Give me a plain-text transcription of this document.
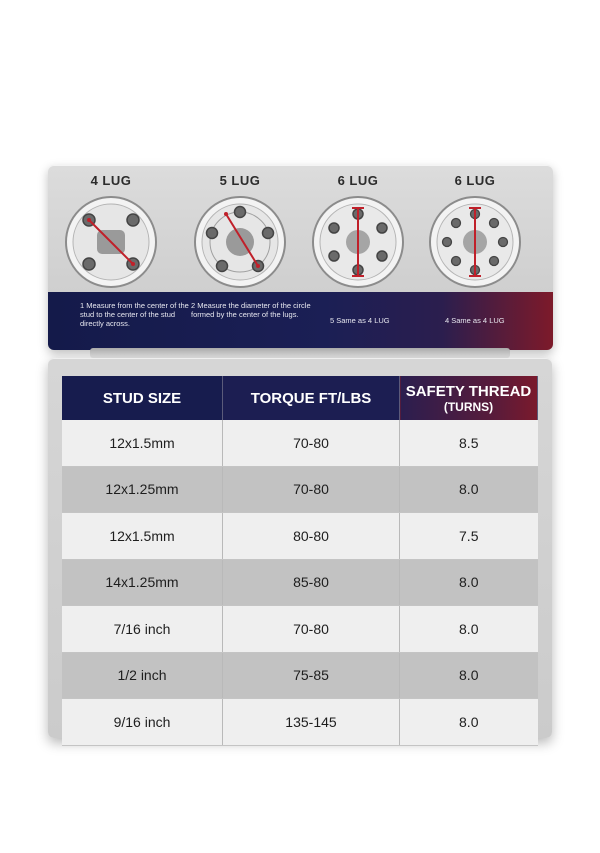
4 LUG	5 LUG	6 LUG	6 LUG
1 Measure from the center of the stud to the center of the stud directly across.
2 Measure the diameter of the circle formed by the center of the lugs.
5 Same as 4 LUG	4 Same as 4 LUG
STUD SIZE	TORQUE FT/LBS	SAFETY THREAD
(TURNS)

12x1.5mm	70-80	8.5
12x1.25mm	70-80	8.0
12x1.5mm	80-80	7.5
14x1.25mm	85-80	8.0
7/16 inch	70-80	8.0
1/2 inch	75-85	8.0
9/16 inch	135-145	8.0
